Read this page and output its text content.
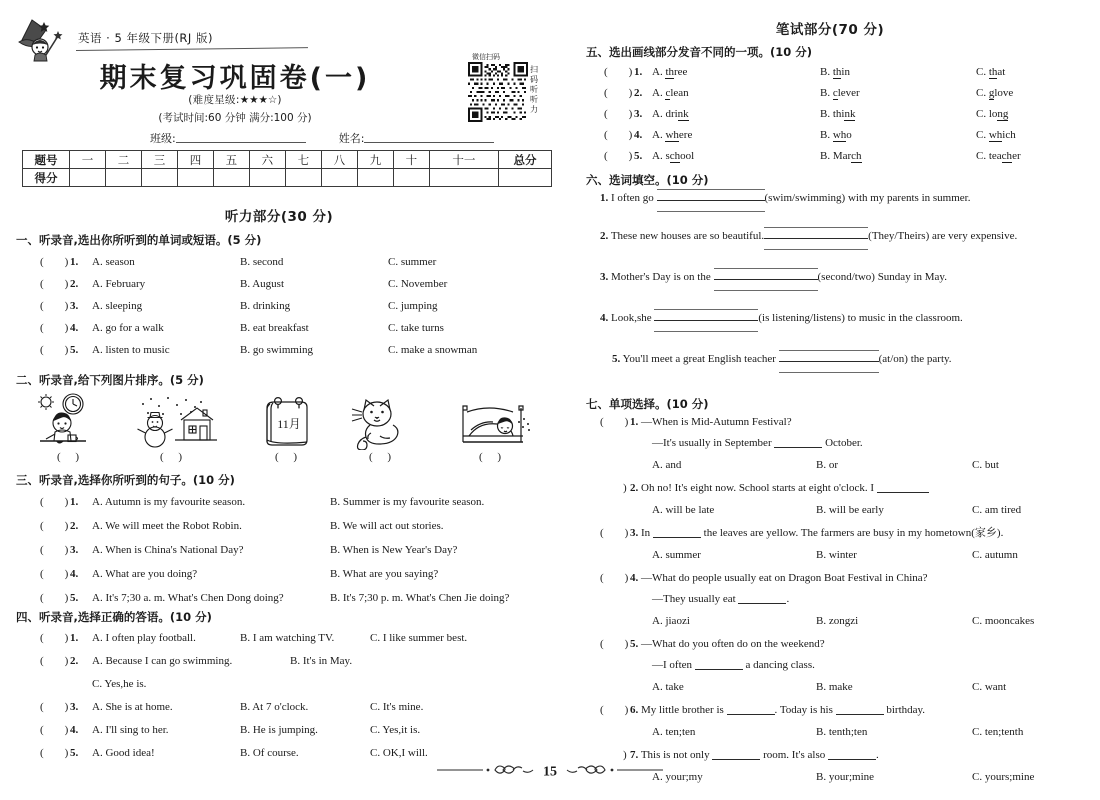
英语 · 5 年级下册(RJ 版)
期末复习巩固卷(一)
(难度星级:★★★☆)
(考试时间:60 分钟 满分:100 分)
班级:	姓名:
微信扫码
扫码听听力
题号	一	二	三	四	五	六	七	八	九	十	十一	总分
得分												
听力部分(30 分)
一、听录音,选出你所听到的单词或短语。(5 分)
( ) 1. A. season	B. second	C. summer
( ) 2. A. February	B. August	C. November
( ) 3. A. sleeping	B. drinking	C. jumping
( ) 4. A. go for a walk	B. eat breakfast	C. take turns
( ) 5. A. listen to music	B. go swimming	C. make a snowman
二、听录音,给下列图片排序。(5 分)
( )	( )
11月
( )	( )	( )
三、听录音,选择你所听到的句子。(10 分)
( ) 1. A. Autumn is my favourite season.	B. Summer is my favourite season.
( ) 2. A. We will meet the Robot Robin.	B. We will act out stories.
( ) 3. A. When is China's National Day?	B. When is New Year's Day?
( ) 4. A. What are you doing?	B. What are you saying?
( ) 5. A. It's 7;30 a. m. What's Chen Dong doing?	B. It's 7;30 p. m. What's Chen Jie doing?
四、听录音,选择正确的答语。(10 分)
( ) 1. A. I often play football.	B. I am watching TV.	C. I like summer best.
( ) 2. A. Because I can go swimming.	B. It's in May.
C. Yes,he is.
( ) 3. A. She is at home.	B. At 7 o'clock.	C. It's mine.
( ) 4. A. I'll sing to her.	B. He is jumping.	C. Yes,it is.
( ) 5. A. Good idea!	B. Of course.	C. OK,I will.
笔试部分(70 分)
五、选出画线部分发音不同的一项。(10 分)
( ) 1. A. three	B. thin	C. that
( ) 2. A. clean	B. clever	C. glove
( ) 3. A. drink	B. think	C. long
( ) 4. A. where	B. who	C. which
( ) 5. A. school	B. March	C. teacher
六、选词填空。(10 分)
1. I often go	(swim/swimming) with my parents in summer.
2. These new houses are so beautiful.	(They/Theirs) are very expensive.
3. Mother's Day is on the	(second/two) Sunday in May.
4. Look,she	(is listening/listens) to music in the classroom.
5. You'll meet a great English teacher	(at/on) the party.
七、单项选择。(10 分)
( ) 1. —When is Mid-Autumn Festival?
—It's usually in September	October.
A. and	B. or	C. but
) 2. Oh no! It's eight now. School starts at eight o'clock. I
A. will be late	B. will be early	C. am tired
( ) 3. In	the leaves are yellow. The farmers are busy in my hometown(家乡).
A. summer	B. winter	C. autumn
( ) 4. —What do people usually eat on Dragon Boat Festival in China?
—They usually eat	.
A. jiaozi	B. zongzi	C. mooncakes
( ) 5. —What do you often do on the weekend?
—I often	a dancing class.
A. take	B. make	C. want
( ) 6. My little brother is	. Today is his	birthday.
A. ten;ten	B. tenth;ten	C. ten;tenth
) 7. This is not only	room. It's also	.
A. your;my	B. your;mine	C. yours;mine
15
